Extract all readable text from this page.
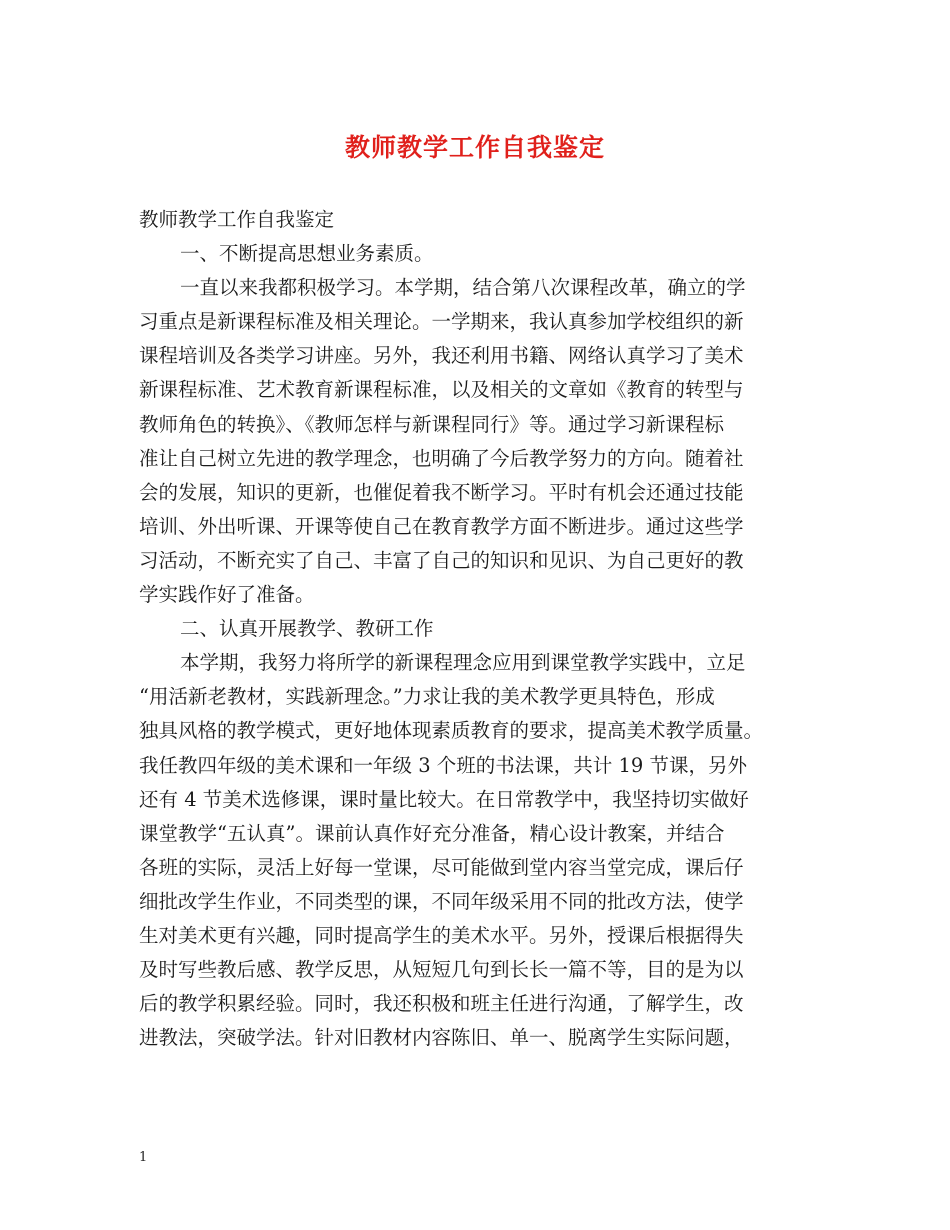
教师教学工作自我鉴定
教师教学工作自我鉴定
一、不断提高思想业务素质。
一直以来我都积极学习。本学期，结合第八次课程改革，确立的学
习重点是新课程标准及相关理论。一学期来，我认真参加学校组织的新
课程培训及各类学习讲座。另外，我还利用书籍、网络认真学习了美术
新课程标准、艺术教育新课程标准，以及相关的文章如《教育的转型与
教师角色的转换》、《教师怎样与新课程同行》等。通过学习新课程标
准让自己树立先进的教学理念，也明确了今后教学努力的方向。随着社
会的发展，知识的更新，也催促着我不断学习。平时有机会还通过技能
培训、外出听课、开课等使自己在教育教学方面不断进步。通过这些学
习活动，不断充实了自己、丰富了自己的知识和见识、为自己更好的教
学实践作好了准备。
二、认真开展教学、教研工作
本学期，我努力将所学的新课程理念应用到课堂教学实践中，立足
“用活新老教材，实践新理念。”力求让我的美术教学更具特色，形成
独具风格的教学模式，更好地体现素质教育的要求，提高美术教学质量。
我任教四年级的美术课和一年级 3 个班的书法课，共计 19 节课，另外
还有 4 节美术选修课，课时量比较大。在日常教学中，我坚持切实做好
课堂教学“五认真”。课前认真作好充分准备，精心设计教案，并结合
各班的实际，灵活上好每一堂课，尽可能做到堂内容当堂完成，课后仔
细批改学生作业，不同类型的课，不同年级采用不同的批改方法，使学
生对美术更有兴趣，同时提高学生的美术水平。另外，授课后根据得失
及时写些教后感、教学反思，从短短几句到长长一篇不等，目的是为以
后的教学积累经验。同时，我还积极和班主任进行沟通，了解学生，改
进教法，突破学法。针对旧教材内容陈旧、单一、脱离学生实际问题，
1
